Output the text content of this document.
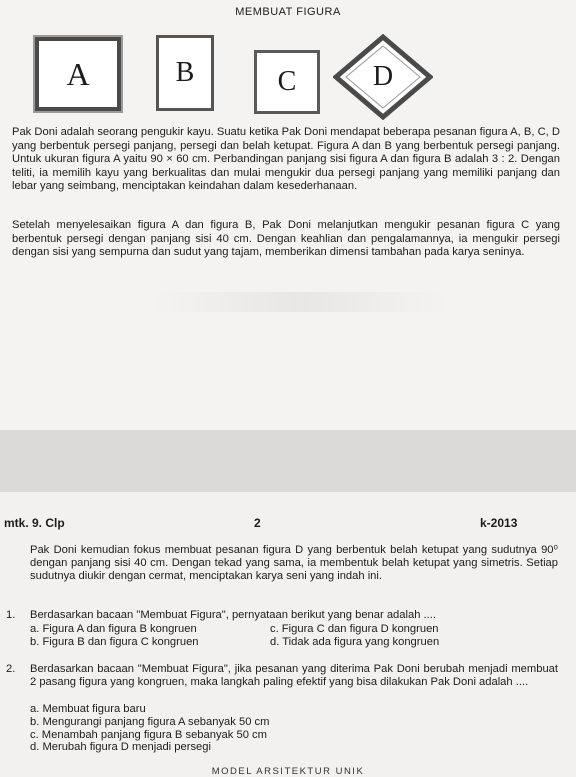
MEMBUAT FIGURA
A	B	C	D
Pak Doni adalah seorang pengukir kayu. Suatu ketika Pak Doni mendapat beberapa pesanan figura A, B, C, D yang berbentuk persegi panjang, persegi dan belah ketupat. Figura A dan B yang berbentuk persegi panjang. Untuk ukuran figura A yaitu 90 × 60 cm. Perbandingan panjang sisi figura A dan figura B adalah 3 : 2. Dengan teliti, ia memilih kayu yang berkualitas dan mulai mengukir dua persegi panjang yang memiliki panjang dan lebar yang seimbang, menciptakan keindahan dalam kesederhanaan.
Setelah menyelesaikan figura A dan figura B, Pak Doni melanjutkan mengukir pesanan figura C yang berbentuk persegi dengan panjang sisi 40 cm. Dengan keahlian dan pengalamannya, ia mengukir persegi dengan sisi yang sempurna dan sudut yang tajam, memberikan dimensi tambahan pada karya seninya.
mtk. 9. Clp	2	k-2013
Pak Doni kemudian fokus membuat pesanan figura D yang berbentuk belah ketupat yang sudutnya 90⁰ dengan panjang sisi 40 cm. Dengan tekad yang sama, ia membentuk belah ketupat yang simetris. Setiap sudutnya diukir dengan cermat, menciptakan karya seni yang indah ini.
1. Berdasarkan bacaan "Membuat Figura", pernyataan berikut yang benar adalah ....
a. Figura A dan figura B kongruen
b. Figura B dan figura C kongruen
c. Figura C dan figura D kongruen
d. Tidak ada figura yang kongruen
2. Berdasarkan bacaan "Membuat Figura", jika pesanan yang diterima Pak Doni berubah menjadi membuat 2 pasang figura yang kongruen, maka langkah paling efektif yang bisa dilakukan Pak Doni adalah ....
a. Membuat figura baru
b. Mengurangi panjang figura A sebanyak 50 cm
c. Menambah panjang figura B sebanyak 50 cm
d. Merubah figura D menjadi persegi
MODEL ARSITEKTUR UNIK
